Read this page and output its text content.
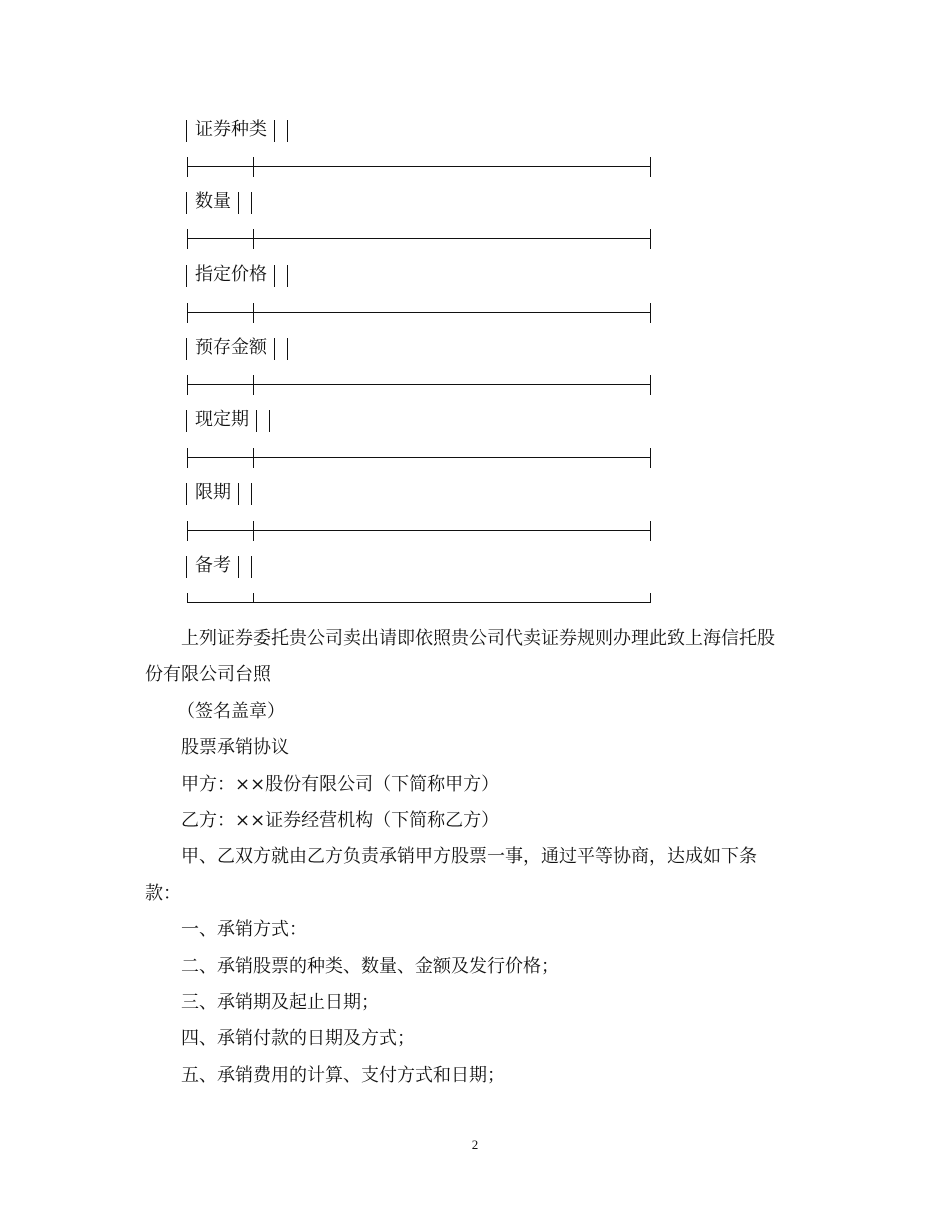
证券种类
数量
指定价格
预存金额
现定期
限期
备考
上列证券委托贵公司卖出请即依照贵公司代卖证券规则办理此致上海信托股
份有限公司台照
（签名盖章）
股票承销协议
甲方：××股份有限公司（下简称甲方）
乙方：××证券经营机构（下简称乙方）
甲、乙双方就由乙方负责承销甲方股票一事，通过平等协商，达成如下条
款：
一、承销方式：
二、承销股票的种类、数量、金额及发行价格；
三、承销期及起止日期；
四、承销付款的日期及方式；
五、承销费用的计算、支付方式和日期；
2
